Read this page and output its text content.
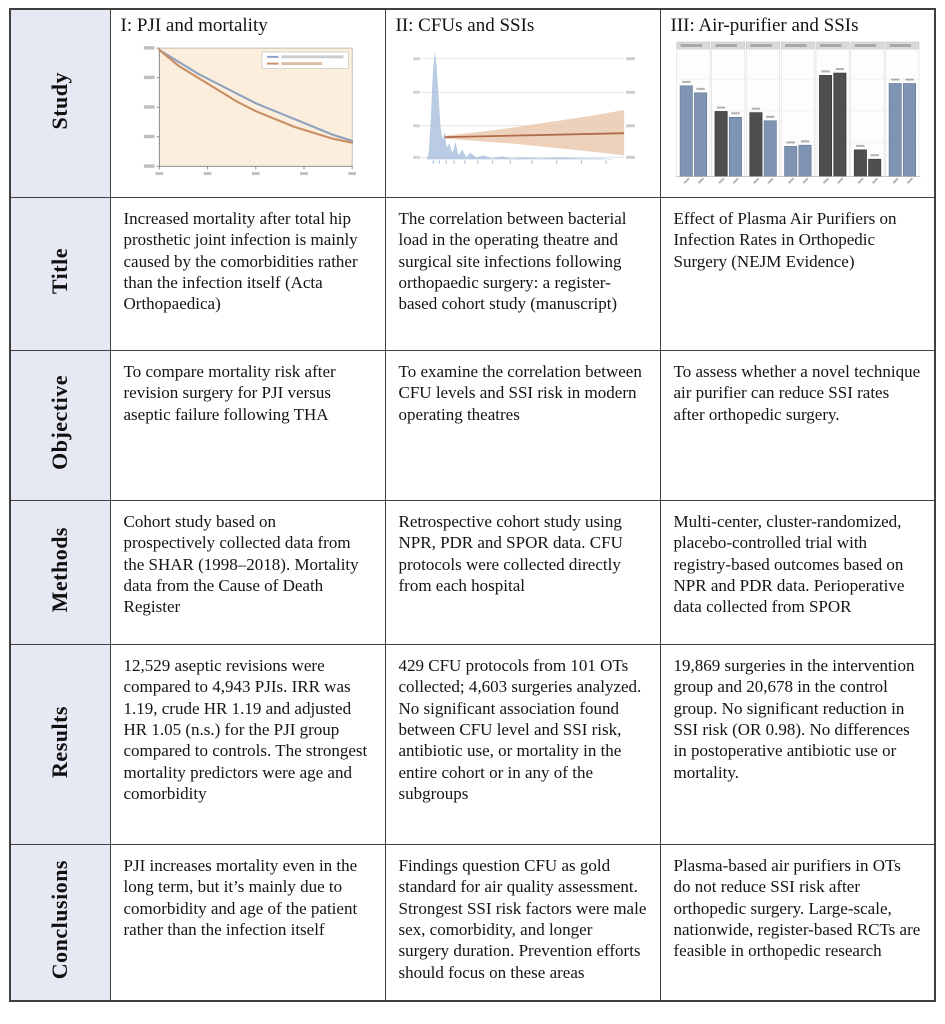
Study	I: PJI and mortality	II: CFUs and SSIs	III: Air-purifier and SSIs

Title	Increased mortality after total hip prosthetic joint infection is mainly caused by the comorbidities rather than the infection itself (Acta Orthopaedica)	The correlation between bacterial load in the operating theatre and surgical site infections following orthopaedic surgery: a register-based cohort study (manuscript)	Effect of Plasma Air Purifiers on Infection Rates in Orthopedic Surgery (NEJM Evidence)
Objective	To compare mortality risk after revision surgery for PJI versus aseptic failure following THA	To examine the correlation between CFU levels and SSI risk in modern operating theatres	To assess whether a novel technique air purifier can reduce SSI rates after orthopedic surgery.
Methods	Cohort study based on prospectively collected data from the SHAR (1998–2018). Mortality data from the Cause of Death Register	Retrospective cohort study using NPR, PDR and SPOR data. CFU protocols were collected directly from each hospital	Multi-center, cluster-randomized, placebo-controlled trial with registry-based outcomes based on NPR and PDR data. Perioperative data collected from SPOR
Results	12,529 aseptic revisions were compared to 4,943 PJIs. IRR was 1.19, crude HR 1.19 and adjusted HR 1.05 (n.s.) for the PJI group compared to controls. The strongest mortality predictors were age and comorbidity	429 CFU protocols from 101 OTs collected; 4,603 surgeries analyzed. No significant association found between CFU level and SSI risk, antibiotic use, or mortality in the entire cohort or in any of the subgroups	19,869 surgeries in the intervention group and 20,678 in the control group. No significant reduction in SSI risk (OR 0.98). No differences in postoperative antibiotic use or mortality.
Conclusions	PJI increases mortality even in the long term, but it’s mainly due to comorbidity and age of the patient rather than the infection itself	Findings question CFU as gold standard for air quality assessment. Strongest SSI risk factors were male sex, comorbidity, and longer surgery duration. Prevention efforts should focus on these areas	Plasma-based air purifiers in OTs do not reduce SSI risk after orthopedic surgery. Large-scale, nationwide, register-based RCTs are feasible in orthopedic research
